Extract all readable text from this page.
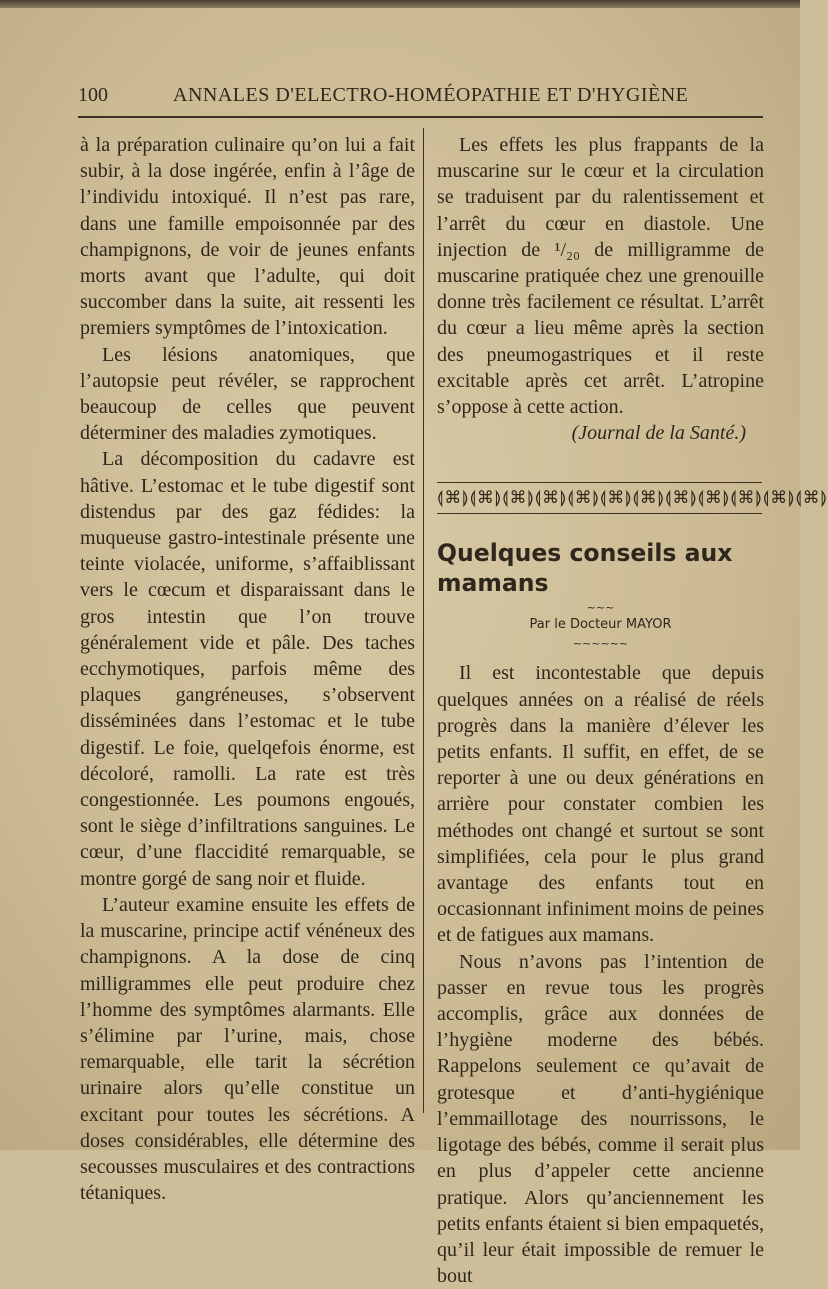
100	ANNALES D'ELECTRO-HOMÉOPATHIE ET D'HYGIÈNE

à la préparation culinaire qu’on lui a fait subir, à la dose ingérée, enfin à l’âge de l’individu intoxiqué. Il n’est pas rare, dans une famille empoisonnée par des champignons, de voir de jeunes enfants morts avant que l’adulte, qui doit succomber dans la suite, ait ressenti les premiers symptômes de l’intoxication.

Les lésions anatomiques, que l’autopsie peut révéler, se rapprochent beaucoup de celles que peuvent déterminer des maladies zymotiques.

La décomposition du cadavre est hâtive. L’estomac et le tube digestif sont distendus par des gaz fédides: la muqueuse gastro-intestinale présente une teinte violacée, uniforme, s’affaiblissant vers le cœcum et disparaissant dans le gros intestin que l’on trouve généralement vide et pâle. Des taches ecchymotiques, parfois même des plaques gangréneuses, s’observent disséminées dans l’estomac et le tube digestif. Le foie, quelqefois énorme, est décoloré, ramolli. La rate est très congestionnée. Les poumons engoués, sont le siège d’infiltrations sanguines. Le cœur, d’une flaccidité remarquable, se montre gorgé de sang noir et fluide.

L’auteur examine ensuite les effets de la muscarine, principe actif vénéneux des champignons. A la dose de cinq milligrammes elle peut produire chez l’homme des symptômes alarmants. Elle s’élimine par l’urine, mais, chose remarquable, elle tarit la sécrétion urinaire alors qu’elle constitue un excitant pour toutes les sécrétions. A doses considérables, elle détermine des secousses musculaires et des contractions tétaniques.

Les effets les plus frappants de la muscarine sur le cœur et la circulation se traduisent par du ralentissement et l’arrêt du cœur en diastole. Une injection de ¹/₂₀ de milligramme de muscarine pratiquée chez une grenouille donne très facilement ce résultat. L’arrêt du cœur a lieu même après la section des pneumogastriques et il reste excitable après cet arrêt. L’atropine s’oppose à cette action.

(Journal de la Santé.)

⟬⌘⟭⟬⌘⟭⟬⌘⟭⟬⌘⟭⟬⌘⟭⟬⌘⟭⟬⌘⟭⟬⌘⟭⟬⌘⟭⟬⌘⟭⟬⌘⟭⟬⌘⟭
Quelques conseils aux mamans
~~~
Par le Docteur MAYOR
~~~~~~

Il est incontestable que depuis quelques années on a réalisé de réels progrès dans la manière d’élever les petits enfants. Il suffit, en effet, de se reporter à une ou deux générations en arrière pour constater combien les méthodes ont changé et surtout se sont simplifiées, cela pour le plus grand avantage des enfants tout en occasionnant infiniment moins de peines et de fatigues aux mamans.

Nous n’avons pas l’intention de passer en revue tous les progrès accomplis, grâce aux données de l’hygiène moderne des bébés. Rappelons seulement ce qu’avait de grotesque et d’anti-hygiénique l’emmaillotage des nourrissons, le ligotage des bébés, comme il serait plus en plus d’appeler cette ancienne pratique. Alors qu’anciennement les petits enfants étaient si bien empaquetés, qu’il leur était impossible de remuer le bout
